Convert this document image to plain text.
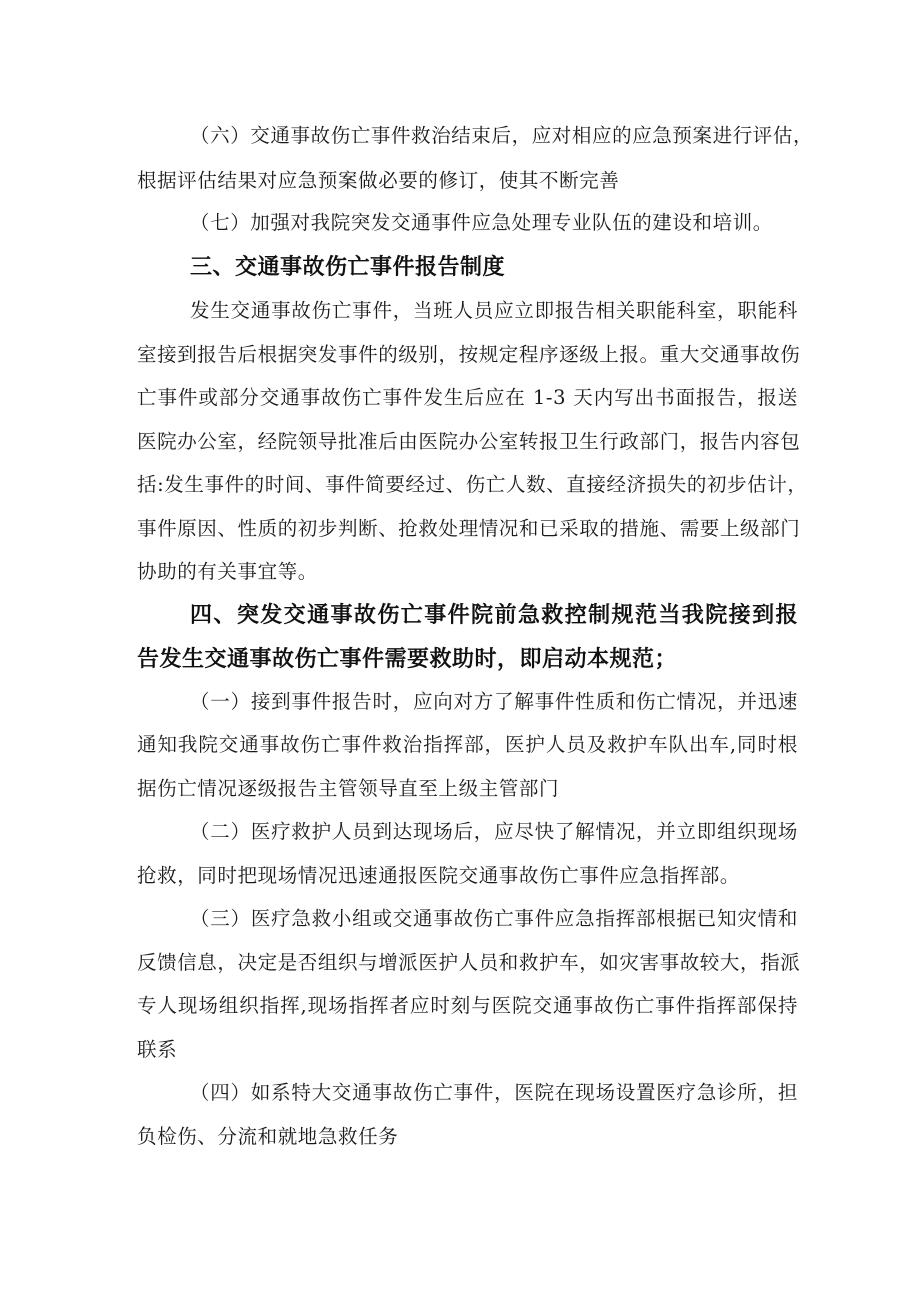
（六）交通事故伤亡事件救治结束后，应对相应的应急预案进行评估，
根据评估结果对应急预案做必要的修订，使其不断完善
（七）加强对我院突发交通事件应急处理专业队伍的建设和培训。
三、交通事故伤亡事件报告制度
发生交通事故伤亡事件，当班人员应立即报告相关职能科室，职能科
室接到报告后根据突发事件的级别，按规定程序逐级上报。重大交通事故伤
亡事件或部分交通事故伤亡事件发生后应在 1-3 天内写出书面报告，报送
医院办公室，经院领导批准后由医院办公室转报卫生行政部门，报告内容包
括:发生事件的时间、事件简要经过、伤亡人数、直接经济损失的初步估计，
事件原因、性质的初步判断、抢救处理情况和已采取的措施、需要上级部门
协助的有关事宜等。
四、突发交通事故伤亡事件院前急救控制规范当我院接到报
告发生交通事故伤亡事件需要救助时，即启动本规范；
（一）接到事件报告时，应向对方了解事件性质和伤亡情况，并迅速
通知我院交通事故伤亡事件救治指挥部，医护人员及救护车队出车,同时根
据伤亡情况逐级报告主管领导直至上级主管部门
（二）医疗救护人员到达现场后，应尽快了解情况，并立即组织现场
抢救，同时把现场情况迅速通报医院交通事故伤亡事件应急指挥部。
（三）医疗急救小组或交通事故伤亡事件应急指挥部根据已知灾情和
反馈信息，决定是否组织与增派医护人员和救护车，如灾害事故较大，指派
专人现场组织指挥,现场指挥者应时刻与医院交通事故伤亡事件指挥部保持
联系
（四）如系特大交通事故伤亡事件，医院在现场设置医疗急诊所，担
负检伤、分流和就地急救任务
